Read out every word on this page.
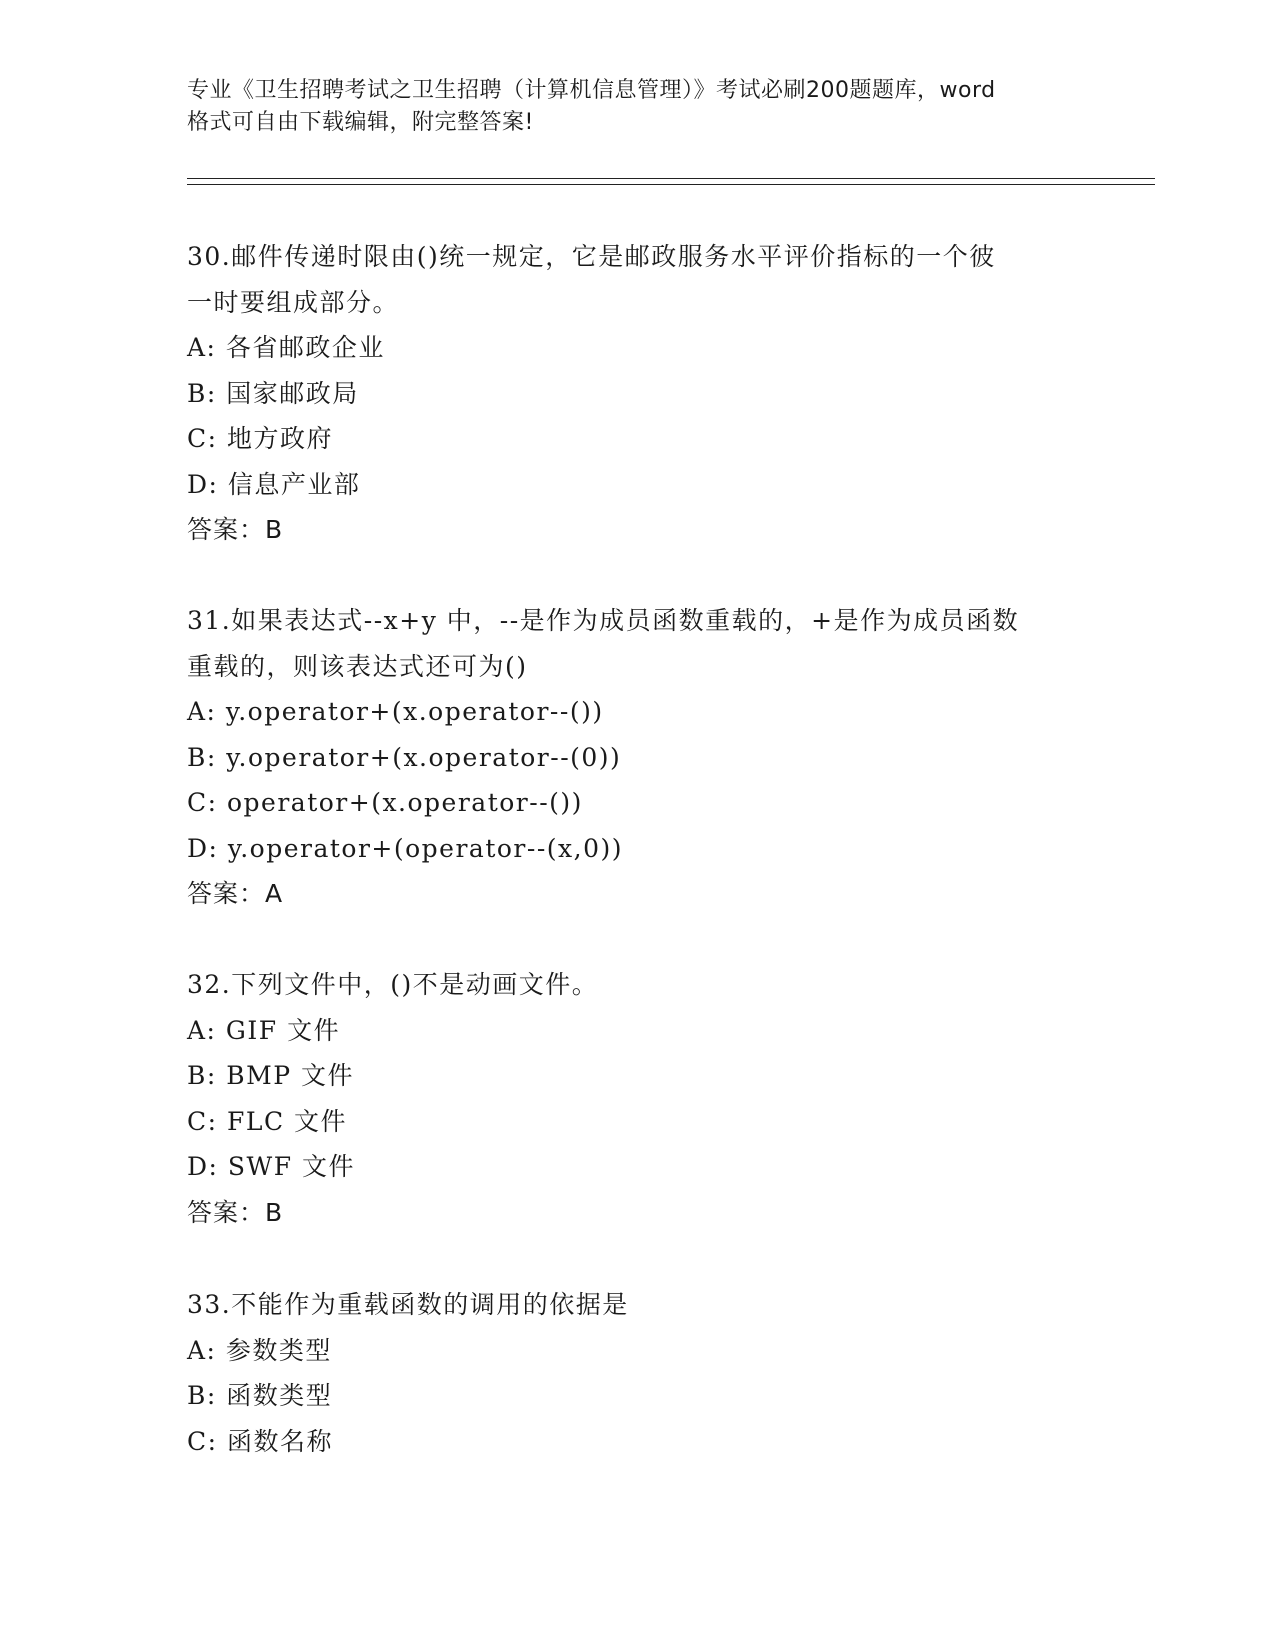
专业《卫生招聘考试之卫生招聘（计算机信息管理）》考试必刷200题题库，word
格式可自由下载编辑，附完整答案!

30.邮件传递时限由()统一规定，它是邮政服务水平评价指标的一个彼

一时要组成部分。

A: 各省邮政企业

B: 国家邮政局

C: 地方政府

D: 信息产业部

答案：B

31.如果表达式--x+y 中，--是作为成员函数重载的，+是作为成员函数

重载的，则该表达式还可为()

A: y.operator+(x.operator--())

B: y.operator+(x.operator--(0))

C: operator+(x.operator--())

D: y.operator+(operator--(x,0))

答案：A

32.下列文件中，()不是动画文件。

A: GIF 文件

B: BMP 文件

C: FLC 文件

D: SWF 文件

答案：B

33.不能作为重载函数的调用的依据是

A: 参数类型

B: 函数类型

C: 函数名称
